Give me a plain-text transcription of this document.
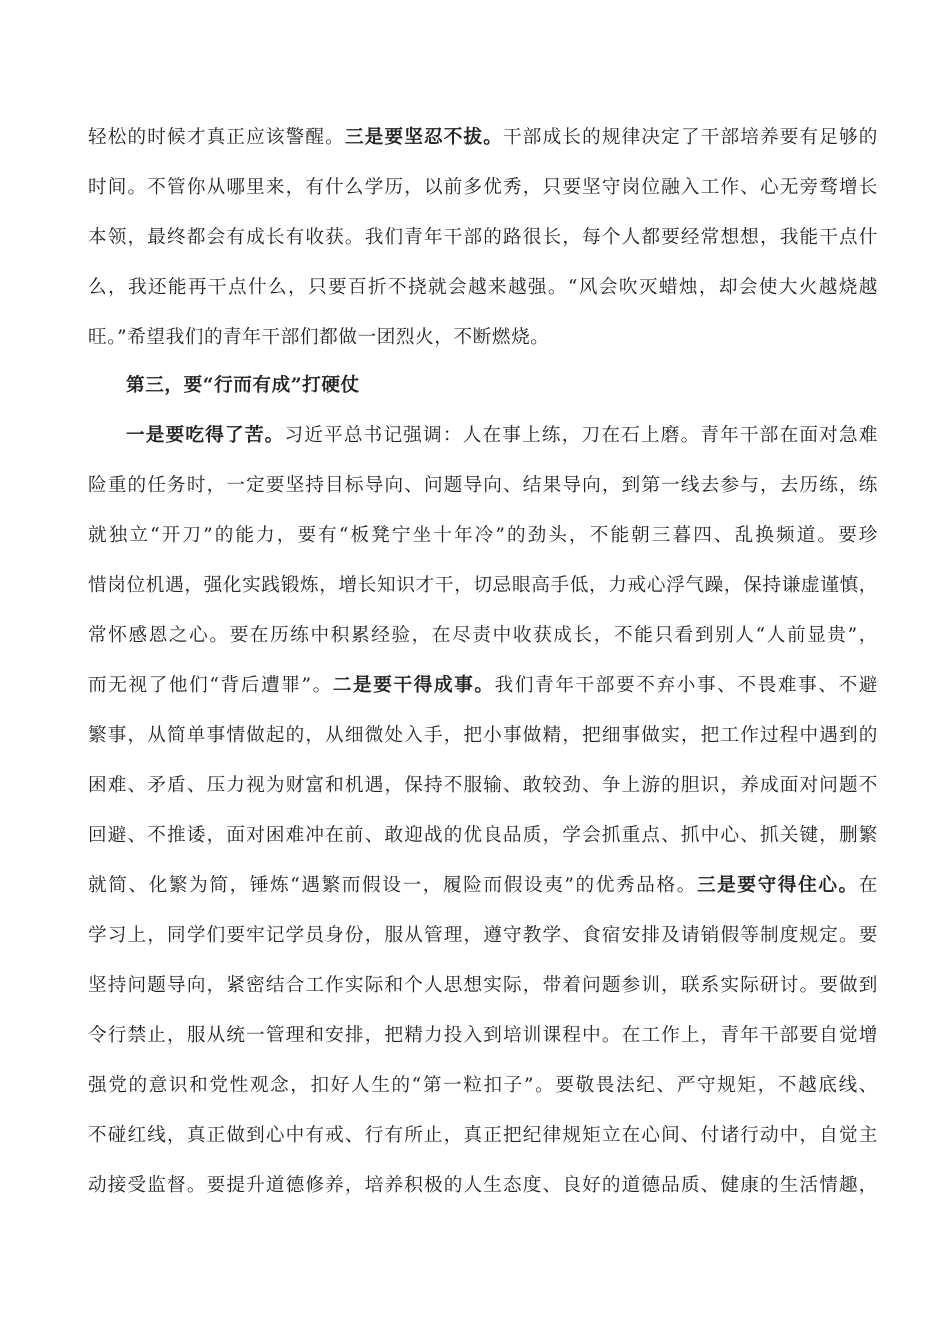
轻松的时候才真正应该警醒。三是要坚忍不拔。干部成长的规律决定了干部培养要有足够的
时间。不管你从哪里来，有什么学历，以前多优秀，只要坚守岗位融入工作、心无旁骛增长
本领，最终都会有成长有收获。我们青年干部的路很长，每个人都要经常想想，我能干点什
么，我还能再干点什么，只要百折不挠就会越来越强。“风会吹灭蜡烛，却会使大火越烧越
旺。”希望我们的青年干部们都做一团烈火，不断燃烧。
第三，要“行而有成”打硬仗
一是要吃得了苦。习近平总书记强调：人在事上练，刀在石上磨。青年干部在面对急难
险重的任务时，一定要坚持目标导向、问题导向、结果导向，到第一线去参与，去历练，练
就独立“开刀”的能力，要有“板凳宁坐十年冷”的劲头，不能朝三暮四、乱换频道。要珍
惜岗位机遇，强化实践锻炼，增长知识才干，切忌眼高手低，力戒心浮气躁，保持谦虚谨慎，
常怀感恩之心。要在历练中积累经验，在尽责中收获成长，不能只看到别人“人前显贵”，
而无视了他们“背后遭罪”。二是要干得成事。我们青年干部要不弃小事、不畏难事、不避
繁事，从简单事情做起的，从细微处入手，把小事做精，把细事做实，把工作过程中遇到的
困难、矛盾、压力视为财富和机遇，保持不服输、敢较劲、争上游的胆识，养成面对问题不
回避、不推诿，面对困难冲在前、敢迎战的优良品质，学会抓重点、抓中心、抓关键，删繁
就简、化繁为简，锤炼“遇繁而假设一，履险而假设夷”的优秀品格。三是要守得住心。在
学习上，同学们要牢记学员身份，服从管理，遵守教学、食宿安排及请销假等制度规定。要
坚持问题导向，紧密结合工作实际和个人思想实际，带着问题参训，联系实际研讨。要做到
令行禁止，服从统一管理和安排，把精力投入到培训课程中。在工作上，青年干部要自觉增
强党的意识和党性观念，扣好人生的“第一粒扣子”。要敬畏法纪、严守规矩，不越底线、
不碰红线，真正做到心中有戒、行有所止，真正把纪律规矩立在心间、付诸行动中，自觉主
动接受监督。要提升道德修养，培养积极的人生态度、良好的道德品质、健康的生活情趣，
